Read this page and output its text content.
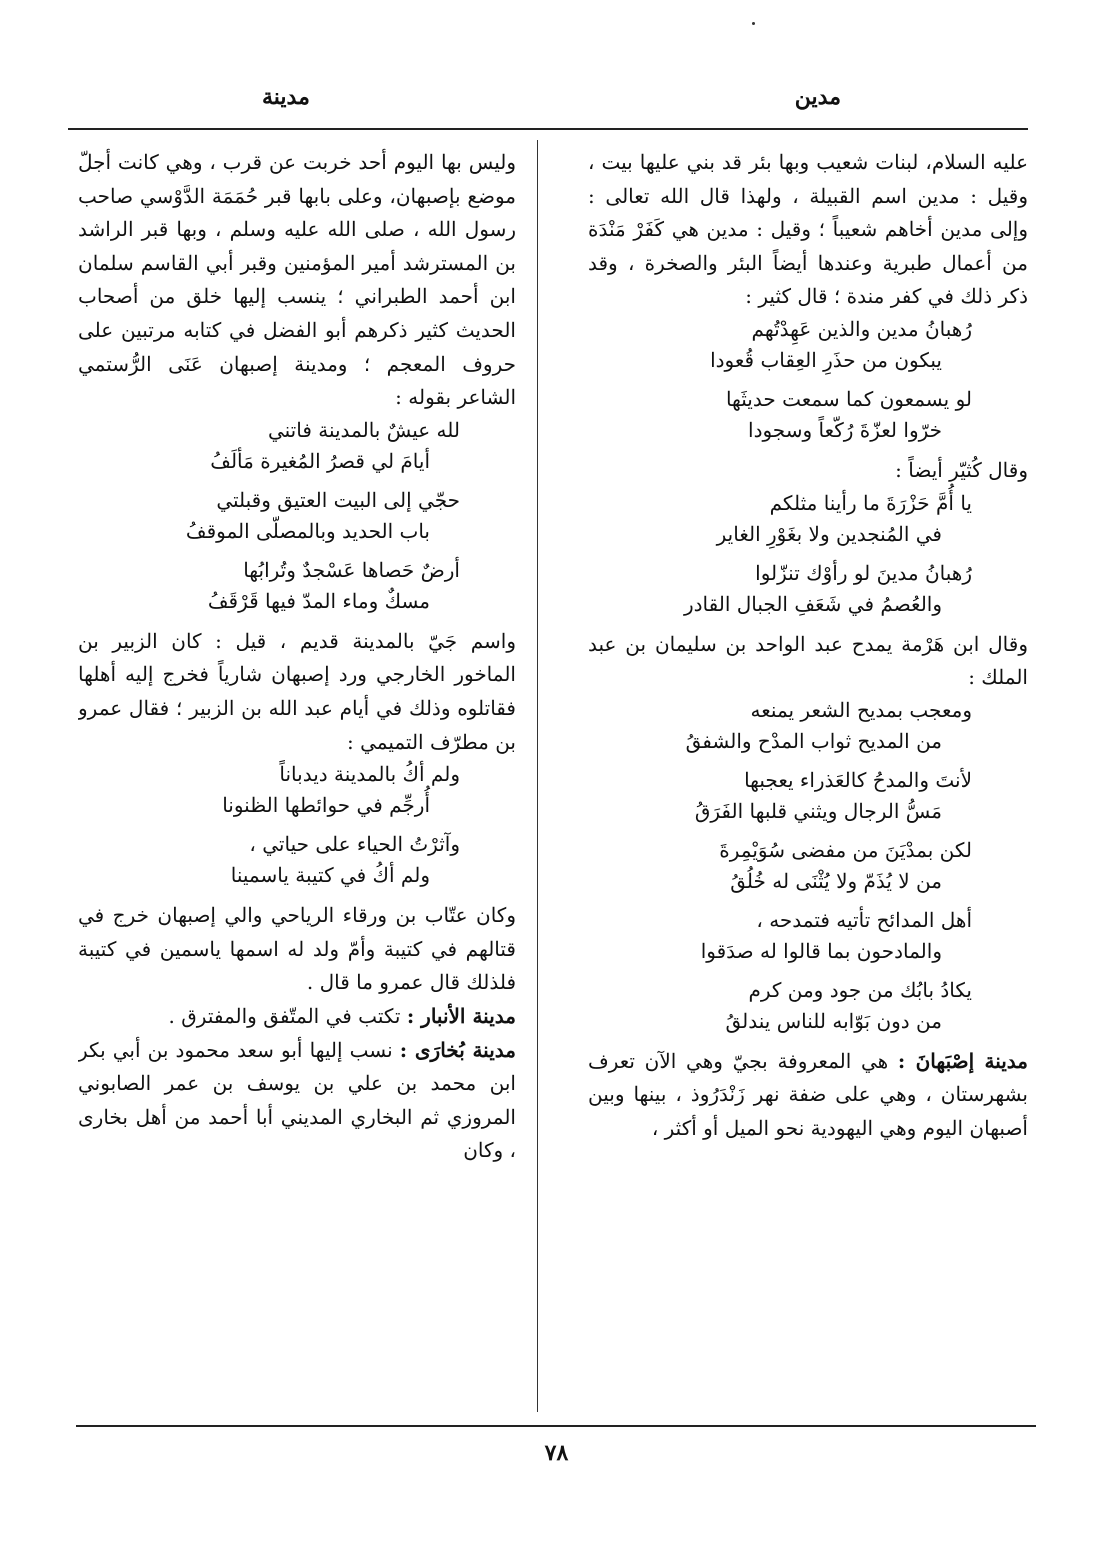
مدين
مدينة

عليه السلام، لبنات شعيب وبها بئر قد بني عليها بيت ، وقيل : مدين اسم القبيلة ، ولهذا قال الله تعالى : وإلى مدين أخاهم شعيباً ؛ وقيل : مدين هي كَفَرْ مَنْدَة من أعمال طبرية وعندها أيضاً البئر والصخرة ، وقد ذكر ذلك في كفر مندة ؛ قال كثير :

رُهبانُ مدين والذين عَهِدْتُهم
يبكون من حذَرِ العِقاب قُعودا
لو يسمعون كما سمعت حديثَها
خرّوا لعزّةَ رُكّعاً وسجودا

وقال كُثيّر أيضاً :

يا أُمَّ حَزْرَةَ ما رأينا مثلكم
في المُنجدين ولا بغَوْرِ الغاير
رُهبانُ مدينَ لو رأوْك تنزّلوا
والعُصمُ في شَعَفِ الجبال القادر

وقال ابن هَرْمة يمدح عبد الواحد بن سليمان بن عبد الملك :

ومعجب بمديح الشعر يمنعه
من المديح ثواب المدْح والشفقُ
لأنتَ والمدحُ كالعَذراء يعجبها
مَسُّ الرجال ويثني قلبها الفَرَقُ
لكن بمدْيَنَ من مفضى سُوَيْمِرةَ
من لا يُذَمّ ولا يُثْنَى له خُلُقُ
أهل المدائح تأتيه فتمدحه ،
والمادحون بما قالوا له صدَقوا
يكادُ بابُك من جود ومن كرم
من دون بَوّابه للناس يندلقُ

مدينة إصْبَهانَ : هي المعروفة بجيّ وهي الآن تعرف بشهرستان ، وهي على ضفة نهر زَنْدَرُوذ ، بينها وبين أصبهان اليوم وهي اليهودية نحو الميل أو أكثر ،

وليس بها اليوم أحد خربت عن قرب ، وهي كانت أجلّ موضع بإصبهان، وعلى بابها قبر حُمَمَة الدَّوْسي صاحب رسول الله ، صلى الله عليه وسلم ، وبها قبر الراشد بن المسترشد أمير المؤمنين وقبر أبي القاسم سلمان ابن أحمد الطبراني ؛ ينسب إليها خلق من أصحاب الحديث كثير ذكرهم أبو الفضل في كتابه مرتبين على حروف المعجم ؛ ومدينة إصبهان عَنَى الرُّستمي الشاعر بقوله :

لله عيشٌ بالمدينة فاتني
أيامَ لي قصرُ المُغيرة مَألَفُ
حجّي إلى البيت العتيق وقبلتي
باب الحديد وبالمصلّى الموقفُ
أرضٌ حَصاها عَسْجدٌ وتُرابُها
مسكٌ وماء المدّ فيها قَرْقَفُ

واسم جَيّ بالمدينة قديم ، قيل : كان الزبير بن الماخور الخارجي ورد إصبهان شارياً فخرج إليه أهلها فقاتلوه وذلك في أيام عبد الله بن الزبير ؛ فقال عمرو بن مطرّف التميمي :

ولم أكُ بالمدينة ديدباناً
أُرجِّم في حوائطها الظنونا
وآثرْتُ الحياء على حياتي ،
ولم أكُ في كتيبة ياسمينا

وكان عتّاب بن ورقاء الرياحي والي إصبهان خرج في قتالهم في كتيبة وأمّ ولد له اسمها ياسمين في كتيبة فلذلك قال عمرو ما قال .

مدينة الأنبار : تكتب في المتّفق والمفترق .

مدينة بُخارَى : نسب إليها أبو سعد محمود بن أبي بكر ابن محمد بن علي بن يوسف بن عمر الصابوني المروزي ثم البخاري المديني أبا أحمد من أهل بخارى ، وكان

٧٨
